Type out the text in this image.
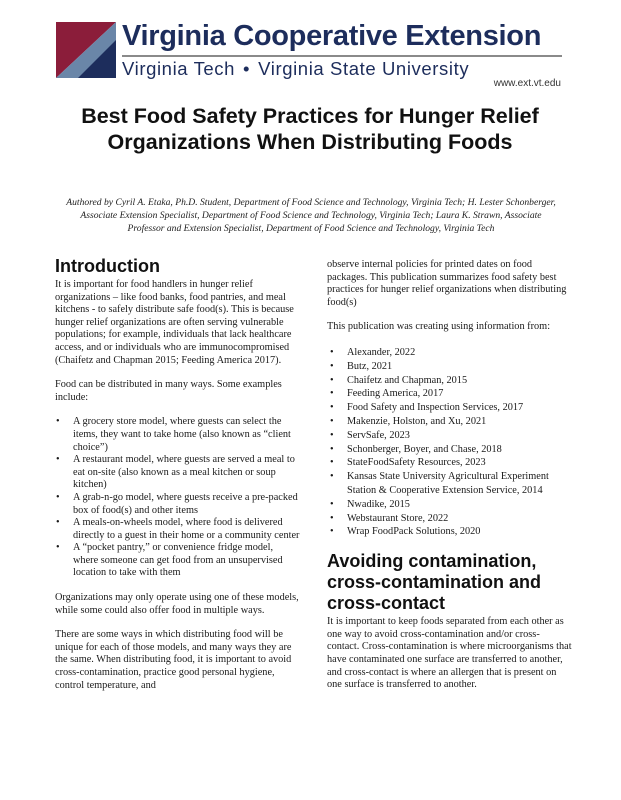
Virginia Cooperative Extension
Virginia Tech • Virginia State University
www.ext.vt.edu
Best Food Safety Practices for Hunger Relief Organizations When Distributing Foods
Authored by Cyril A. Etaka, Ph.D. Student, Department of Food Science and Technology, Virginia Tech; H. Lester Schonberger, Associate Extension Specialist, Department of Food Science and Technology, Virginia Tech; Laura K. Strawn, Associate Professor and Extension Specialist, Department of Food Science and Technology, Virginia Tech
Introduction

It is important for food handlers in hunger relief organizations – like food banks, food pantries, and meal kitchens - to safely distribute safe food(s). This is because hunger relief organizations are often serving vulnerable populations; for example, individuals that lack healthcare access, and or individuals who are immunocompromised (Chaifetz and Chapman 2015; Feeding America 2017).

Food can be distributed in many ways. Some examples include:

• A grocery store model, where guests can select the items, they want to take home (also known as “client choice”)
• A restaurant model, where guests are served a meal to eat on-site (also known as a meal kitchen or soup kitchen)
• A grab-n-go model, where guests receive a pre-packed box of food(s) and other items
• A meals-on-wheels model, where food is delivered directly to a guest in their home or a community center
• A “pocket pantry,” or convenience fridge model, where someone can get food from an unsupervised location to take with them

Organizations may only operate using one of these models, while some could also offer food in multiple ways.

There are some ways in which distributing food will be unique for each of those models, and many ways they are the same. When distributing food, it is important to avoid cross-contamination, practice good personal hygiene, control temperature, and

observe internal policies for printed dates on food packages. This publication summarizes food safety best practices for hunger relief organizations when distributing food(s)

This publication was creating using information from:

• Alexander, 2022
• Butz, 2021
• Chaifetz and Chapman, 2015
• Feeding America, 2017
• Food Safety and Inspection Services, 2017
• Makenzie, Holston, and Xu, 2021
• ServSafe, 2023
• Schonberger, Boyer, and Chase, 2018
• StateFoodSafety Resources, 2023
• Kansas State University Agricultural Experiment Station & Cooperative Extension Service, 2014
• Nwadike, 2015
• Webstaurant Store, 2022
• Wrap FoodPack Solutions, 2020
Avoiding contamination, cross-contamination and cross-contact

It is important to keep foods separated from each other as one way to avoid cross-contamination and/or cross-contact. Cross-contamination is where microorganisms that have contaminated one surface are transferred to another, and cross-contact is where an allergen that is present on one surface is transferred to another.
